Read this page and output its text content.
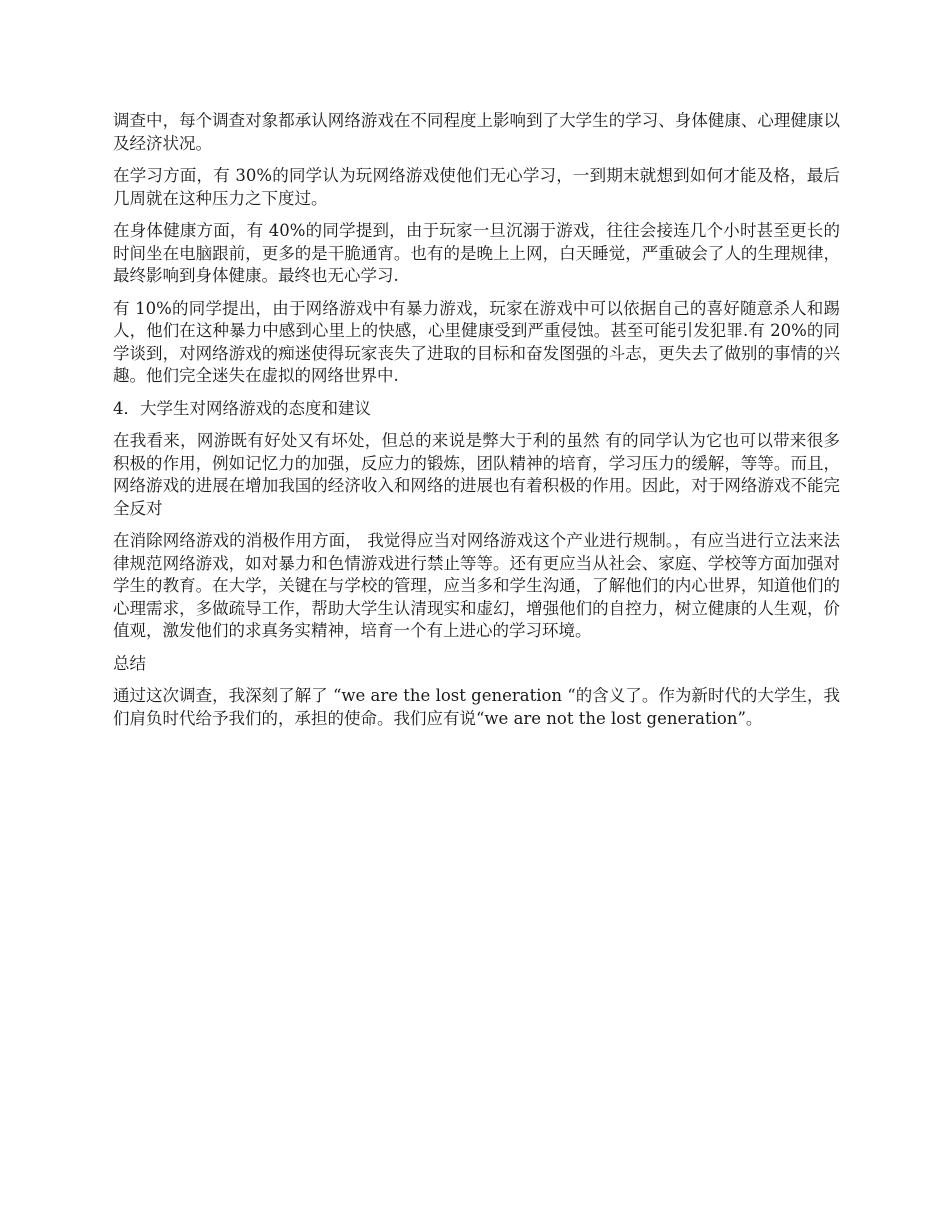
调查中，每个调查对象都承认网络游戏在不同程度上影响到了大学生的学习、身体健康、心理健康以及经济状况。

在学习方面，有 30%的同学认为玩网络游戏使他们无心学习，一到期末就想到如何才能及格，最后几周就在这种压力之下度过。

在身体健康方面，有 40%的同学提到，由于玩家一旦沉溺于游戏，往往会接连几个小时甚至更长的时间坐在电脑跟前，更多的是干脆通宵。也有的是晚上上网，白天睡觉，严重破会了人的生理规律，最终影响到身体健康。最终也无心学习.

有 10%的同学提出，由于网络游戏中有暴力游戏，玩家在游戏中可以依据自己的喜好随意杀人和踢人，他们在这种暴力中感到心里上的快感，心里健康受到严重侵蚀。甚至可能引发犯罪.有 20%的同学谈到，对网络游戏的痴迷使得玩家丧失了进取的目标和奋发图强的斗志，更失去了做别的事情的兴趣。他们完全迷失在虚拟的网络世界中.

4．大学生对网络游戏的态度和建议

在我看来，网游既有好处又有坏处，但总的来说是弊大于利的虽然 有的同学认为它也可以带来很多积极的作用，例如记忆力的加强，反应力的锻炼，团队精神的培育，学习压力的缓解，等等。而且，网络游戏的进展在增加我国的经济收入和网络的进展也有着积极的作用。因此，对于网络游戏不能完全反对

在消除网络游戏的消极作用方面， 我觉得应当对网络游戏这个产业进行规制。，有应当进行立法来法律规范网络游戏，如对暴力和色情游戏进行禁止等等。还有更应当从社会、家庭、学校等方面加强对学生的教育。在大学，关键在与学校的管理，应当多和学生沟通，了解他们的内心世界，知道他们的心理需求，多做疏导工作，帮助大学生认清现实和虚幻，增强他们的自控力，树立健康的人生观，价值观，激发他们的求真务实精神，培育一个有上进心的学习环境。

总结

通过这次调查，我深刻了解了 “we are the lost generation “的含义了。作为新时代的大学生，我们肩负时代给予我们的，承担的使命。我们应有说“we are not the lost generation”。
